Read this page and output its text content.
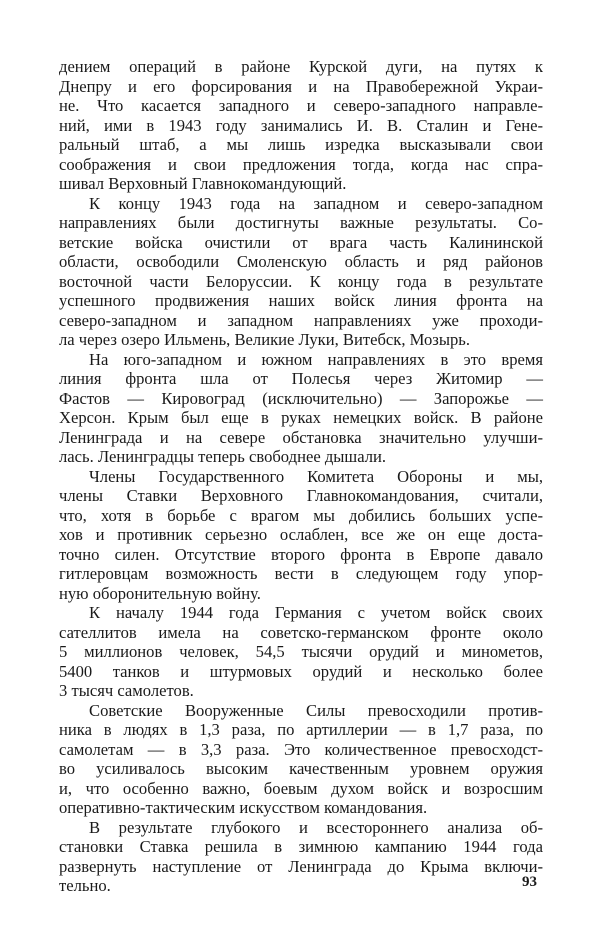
дением операций в районе Курской дуги, на путях к
Днепру и его форсирования и на Правобережной Украи-
не. Что касается западного и северо-западного направле-
ний, ими в 1943 году занимались И. В. Сталин и Гене-
ральный штаб, а мы лишь изредка высказывали свои
соображения и свои предложения тогда, когда нас спра-
шивал Верховный Главнокомандующий.
К концу 1943 года на западном и северо-западном
направлениях были достигнуты важные результаты. Со-
ветские войска очистили от врага часть Калининской
области, освободили Смоленскую область и ряд районов
восточной части Белоруссии. К концу года в результате
успешного продвижения наших войск линия фронта на
северо-западном и западном направлениях уже проходи-
ла через озеро Ильмень, Великие Луки, Витебск, Мозырь.
На юго-западном и южном направлениях в это время
линия фронта шла от Полесья через Житомир —
Фастов — Кировоград (исключительно) — Запорожье —
Херсон. Крым был еще в руках немецких войск. В районе
Ленинграда и на севере обстановка значительно улучши-
лась. Ленинградцы теперь свободнее дышали.
Члены Государственного Комитета Обороны и мы,
члены Ставки Верховного Главнокомандования, считали,
что, хотя в борьбе с врагом мы добились больших успе-
хов и противник серьезно ослаблен, все же он еще доста-
точно силен. Отсутствие второго фронта в Европе давало
гитлеровцам возможность вести в следующем году упор-
ную оборонительную войну.
К началу 1944 года Германия с учетом войск своих
сателлитов имела на советско-германском фронте около
5 миллионов человек, 54,5 тысячи орудий и минометов,
5400 танков и штурмовых орудий и несколько более
3 тысяч самолетов.
Советские Вооруженные Силы превосходили против-
ника в людях в 1,3 раза, по артиллерии — в 1,7 раза, по
самолетам — в 3,3 раза. Это количественное превосходст-
во усиливалось высоким качественным уровнем оружия
и, что особенно важно, боевым духом войск и возросшим
оперативно-тактическим искусством командования.
В результате глубокого и всестороннего анализа об-
становки Ставка решила в зимнюю кампанию 1944 года
развернуть наступление от Ленинграда до Крыма включи-
тельно.	93
